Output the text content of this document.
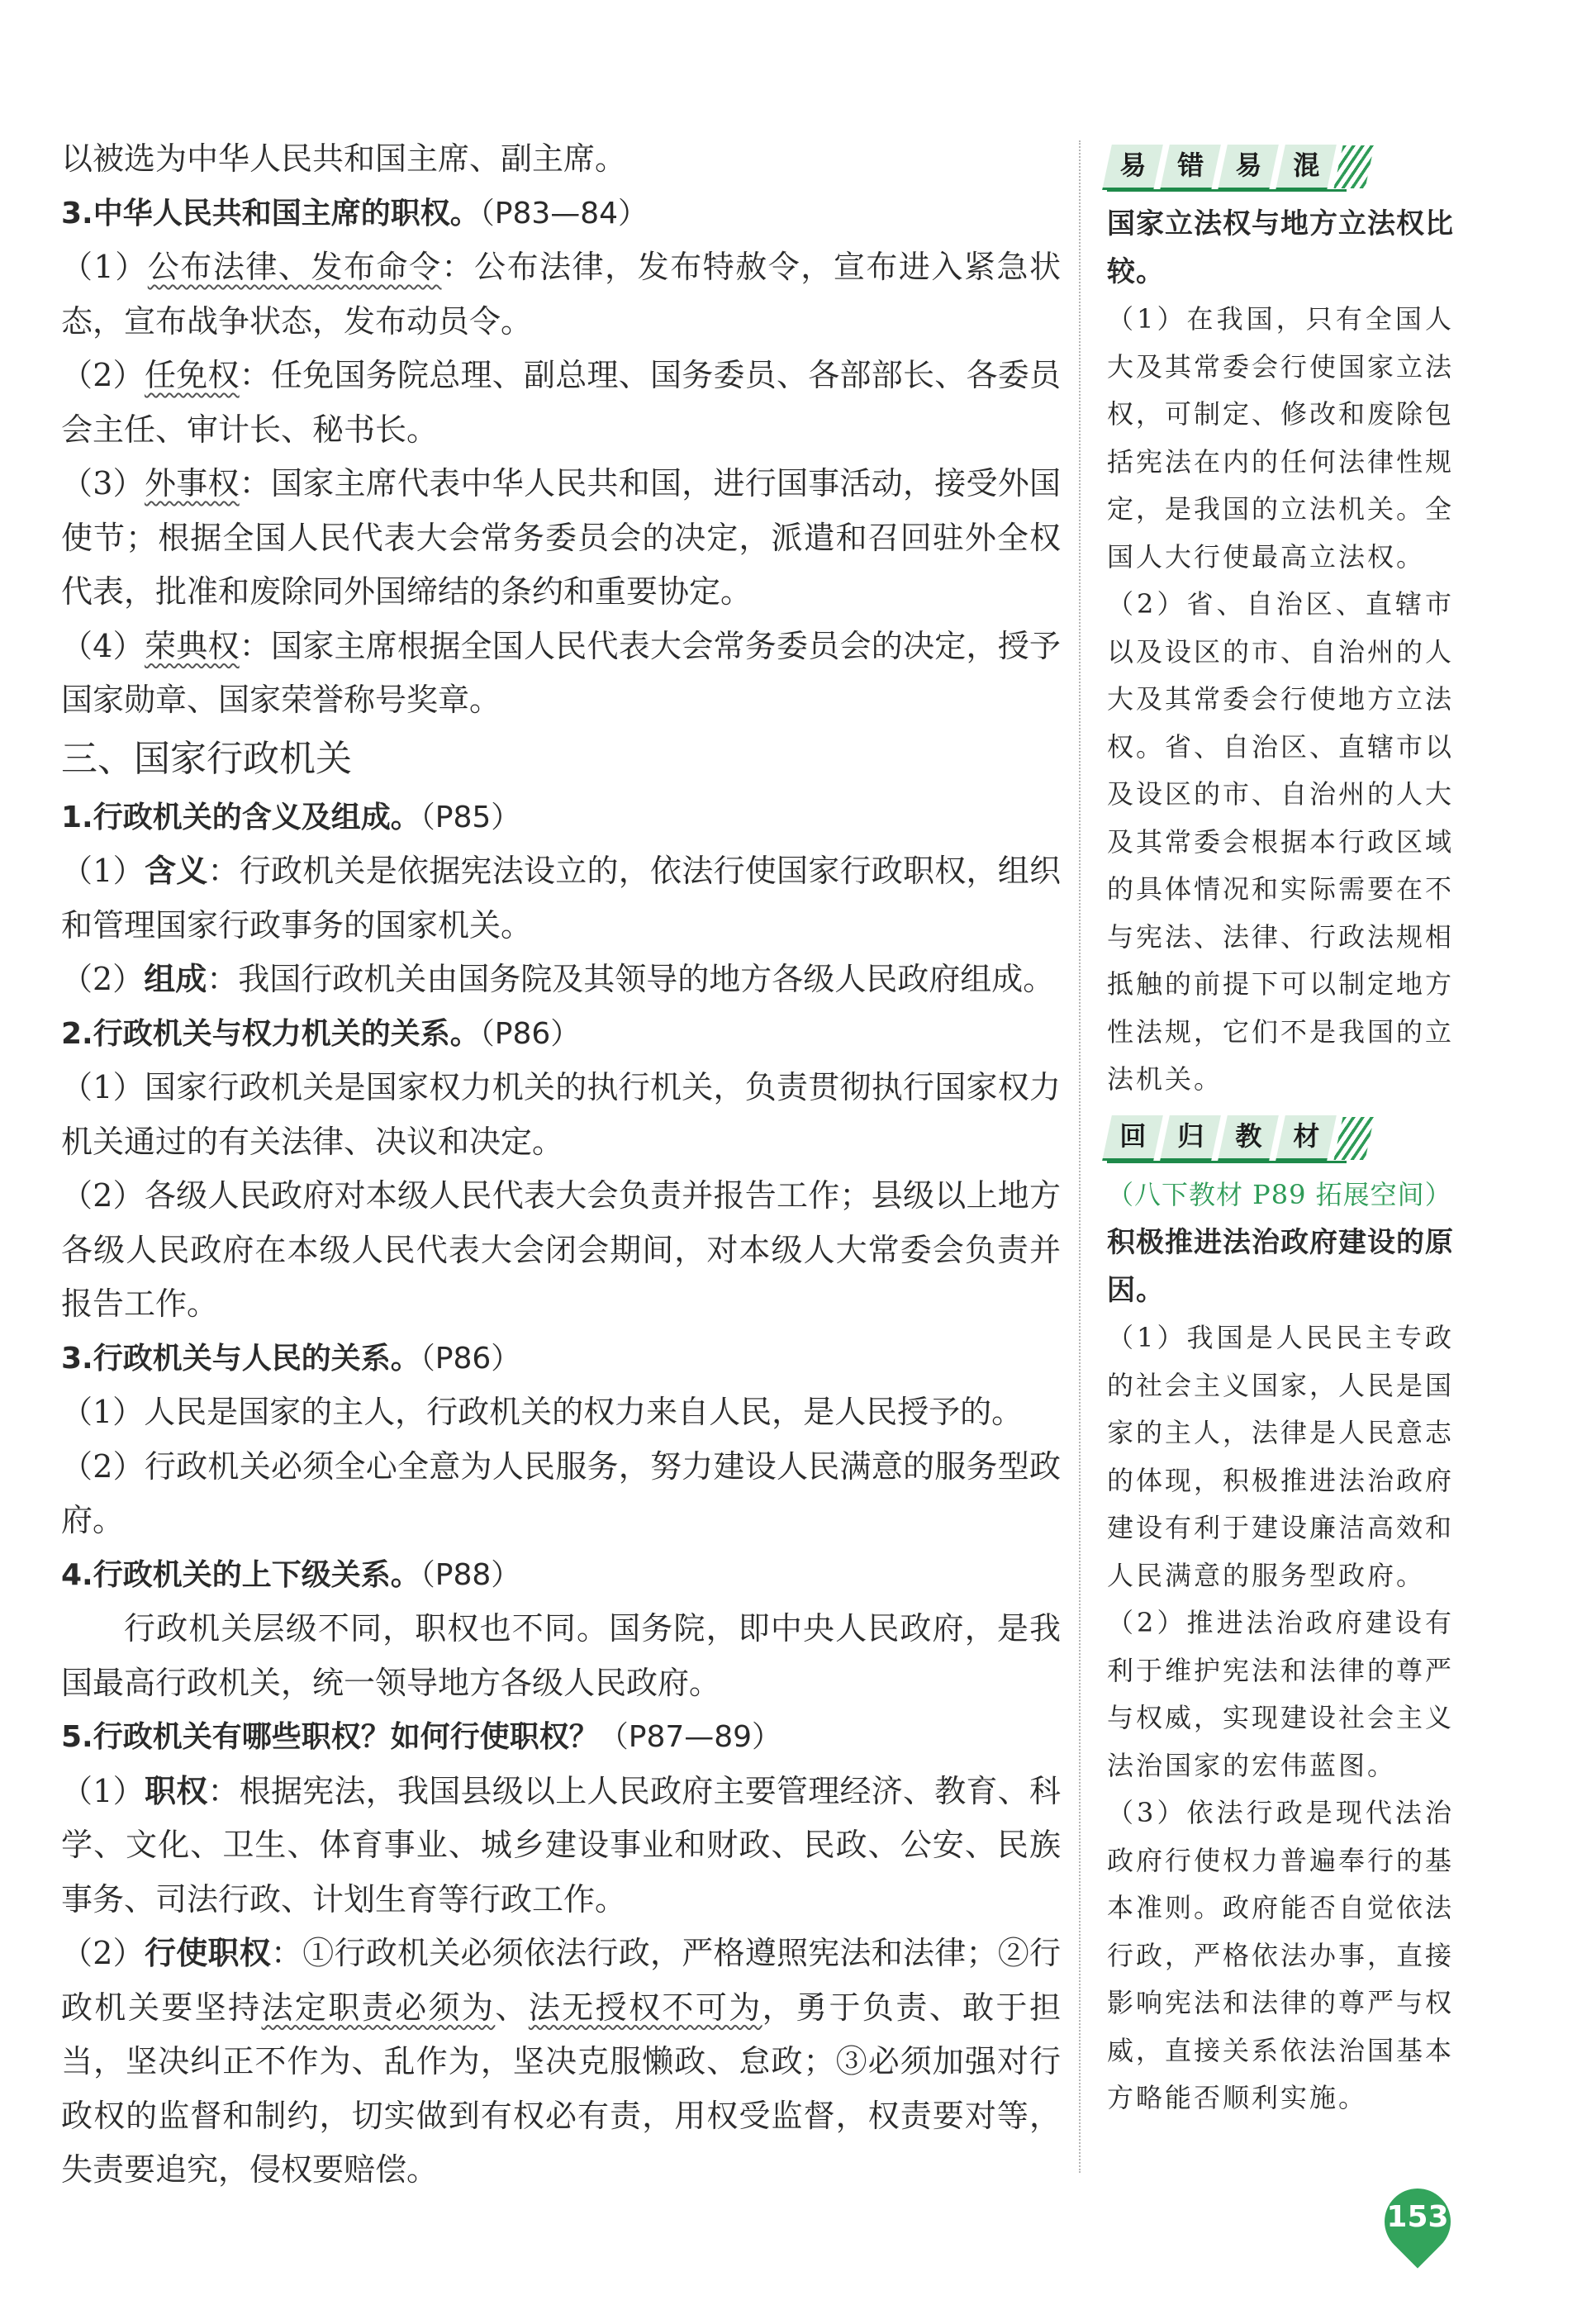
以被选为中华人民共和国主席、副主席。

3.中华人民共和国主席的职权。（P83—84）

（1）公布法律、发布命令：公布法律，发布特赦令，宣布进入紧急状态，宣布战争状态，发布动员令。

（2）任免权：任免国务院总理、副总理、国务委员、各部部长、各委员会主任、审计长、秘书长。

（3）外事权：国家主席代表中华人民共和国，进行国事活动，接受外国使节；根据全国人民代表大会常务委员会的决定，派遣和召回驻外全权代表，批准和废除同外国缔结的条约和重要协定。

（4）荣典权：国家主席根据全国人民代表大会常务委员会的决定，授予国家勋章、国家荣誉称号奖章。

三、国家行政机关

1.行政机关的含义及组成。（P85）

（1）含义：行政机关是依据宪法设立的，依法行使国家行政职权，组织和管理国家行政事务的国家机关。

（2）组成：我国行政机关由国务院及其领导的地方各级人民政府组成。

2.行政机关与权力机关的关系。（P86）

（1）国家行政机关是国家权力机关的执行机关，负责贯彻执行国家权力机关通过的有关法律、决议和决定。

（2）各级人民政府对本级人民代表大会负责并报告工作；县级以上地方各级人民政府在本级人民代表大会闭会期间，对本级人大常委会负责并报告工作。

3.行政机关与人民的关系。（P86）

（1）人民是国家的主人，行政机关的权力来自人民，是人民授予的。

（2）行政机关必须全心全意为人民服务，努力建设人民满意的服务型政府。

4.行政机关的上下级关系。（P88）

行政机关层级不同，职权也不同。国务院，即中央人民政府，是我国最高行政机关，统一领导地方各级人民政府。

5.行政机关有哪些职权？如何行使职权？（P87—89）

（1）职权：根据宪法，我国县级以上人民政府主要管理经济、教育、科学、文化、卫生、体育事业、城乡建设事业和财政、民政、公安、民族事务、司法行政、计划生育等行政工作。

（2）行使职权：①行政机关必须依法行政，严格遵照宪法和法律；②行政机关要坚持法定职责必须为、法无授权不可为，勇于负责、敢于担当，坚决纠正不作为、乱作为，坚决克服懒政、怠政；③必须加强对行政权的监督和制约，切实做到有权必有责，用权受监督，权责要对等，失责要追究，侵权要赔偿。

易 错 易 混

国家立法权与地方立法权比较。

（1）在我国，只有全国人大及其常委会行使国家立法权，可制定、修改和废除包括宪法在内的任何法律性规定，是我国的立法机关。全国人大行使最高立法权。

（2）省、自治区、直辖市以及设区的市、自治州的人大及其常委会行使地方立法权。省、自治区、直辖市以及设区的市、自治州的人大及其常委会根据本行政区域的具体情况和实际需要在不与宪法、法律、行政法规相抵触的前提下可以制定地方性法规，它们不是我国的立法机关。

回 归 教 材

（八下教材 P89 拓展空间）

积极推进法治政府建设的原因。

（1）我国是人民民主专政的社会主义国家，人民是国家的主人，法律是人民意志的体现，积极推进法治政府建设有利于建设廉洁高效和人民满意的服务型政府。

（2）推进法治政府建设有利于维护宪法和法律的尊严与权威，实现建设社会主义法治国家的宏伟蓝图。

（3）依法行政是现代法治政府行使权力普遍奉行的基本准则。政府能否自觉依法行政，严格依法办事，直接影响宪法和法律的尊严与权威，直接关系依法治国基本方略能否顺利实施。

153
